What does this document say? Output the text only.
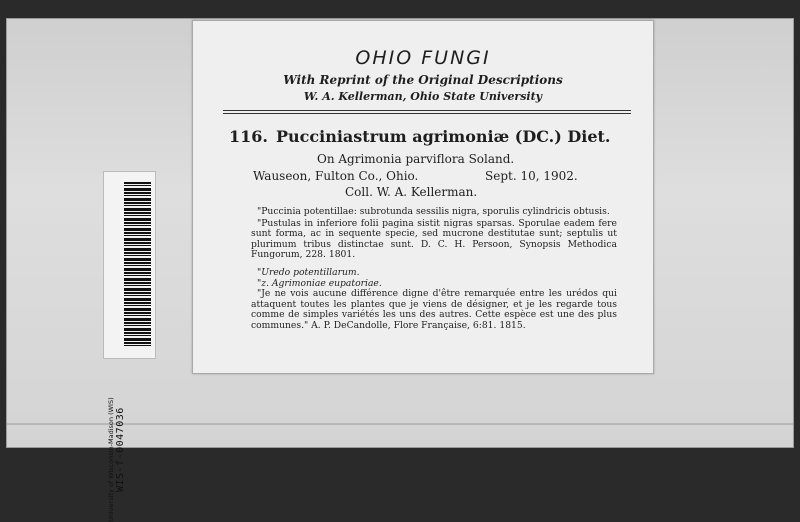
OHIO FUNGI
With Reprint of the Original Descriptions
W. A. Kellerman, Ohio State University
116. Pucciniastrum agrimoniæ (DC.) Diet.
On Agrimonia parviflora Soland.
Wauseon, Fulton Co., Ohio.	Sept. 10, 1902.
Coll. W. A. Kellerman.

"Puccinia potentillae: subrotunda sessilis nigra, sporulis cylindricis obtusis.

"Pustulas in inferiore folii pagina sistit nigras sparsas. Sporulae eadem fere sunt forma, ac in sequente specie, sed mucrone destitutae sunt; septulis ut plurimum tribus distinctae sunt. D. C. H. Persoon, Synopsis Methodica Fungorum, 228. 1801.

"Uredo potentillarum.

"z. Agrimoniae eupatoriae.

"Je ne vois aucune différence digne d'être remarquée entre les urédos qui attaquent toutes les plantes que je viens de désigner, et je les regarde tous comme de simples variétés les uns des autres. Cette espèce est une des plus communes." A. P. DeCandolle, Flore Française, 6:81. 1815.

University of Wisconsin-Madison (WIS) WIS-f-0047036
